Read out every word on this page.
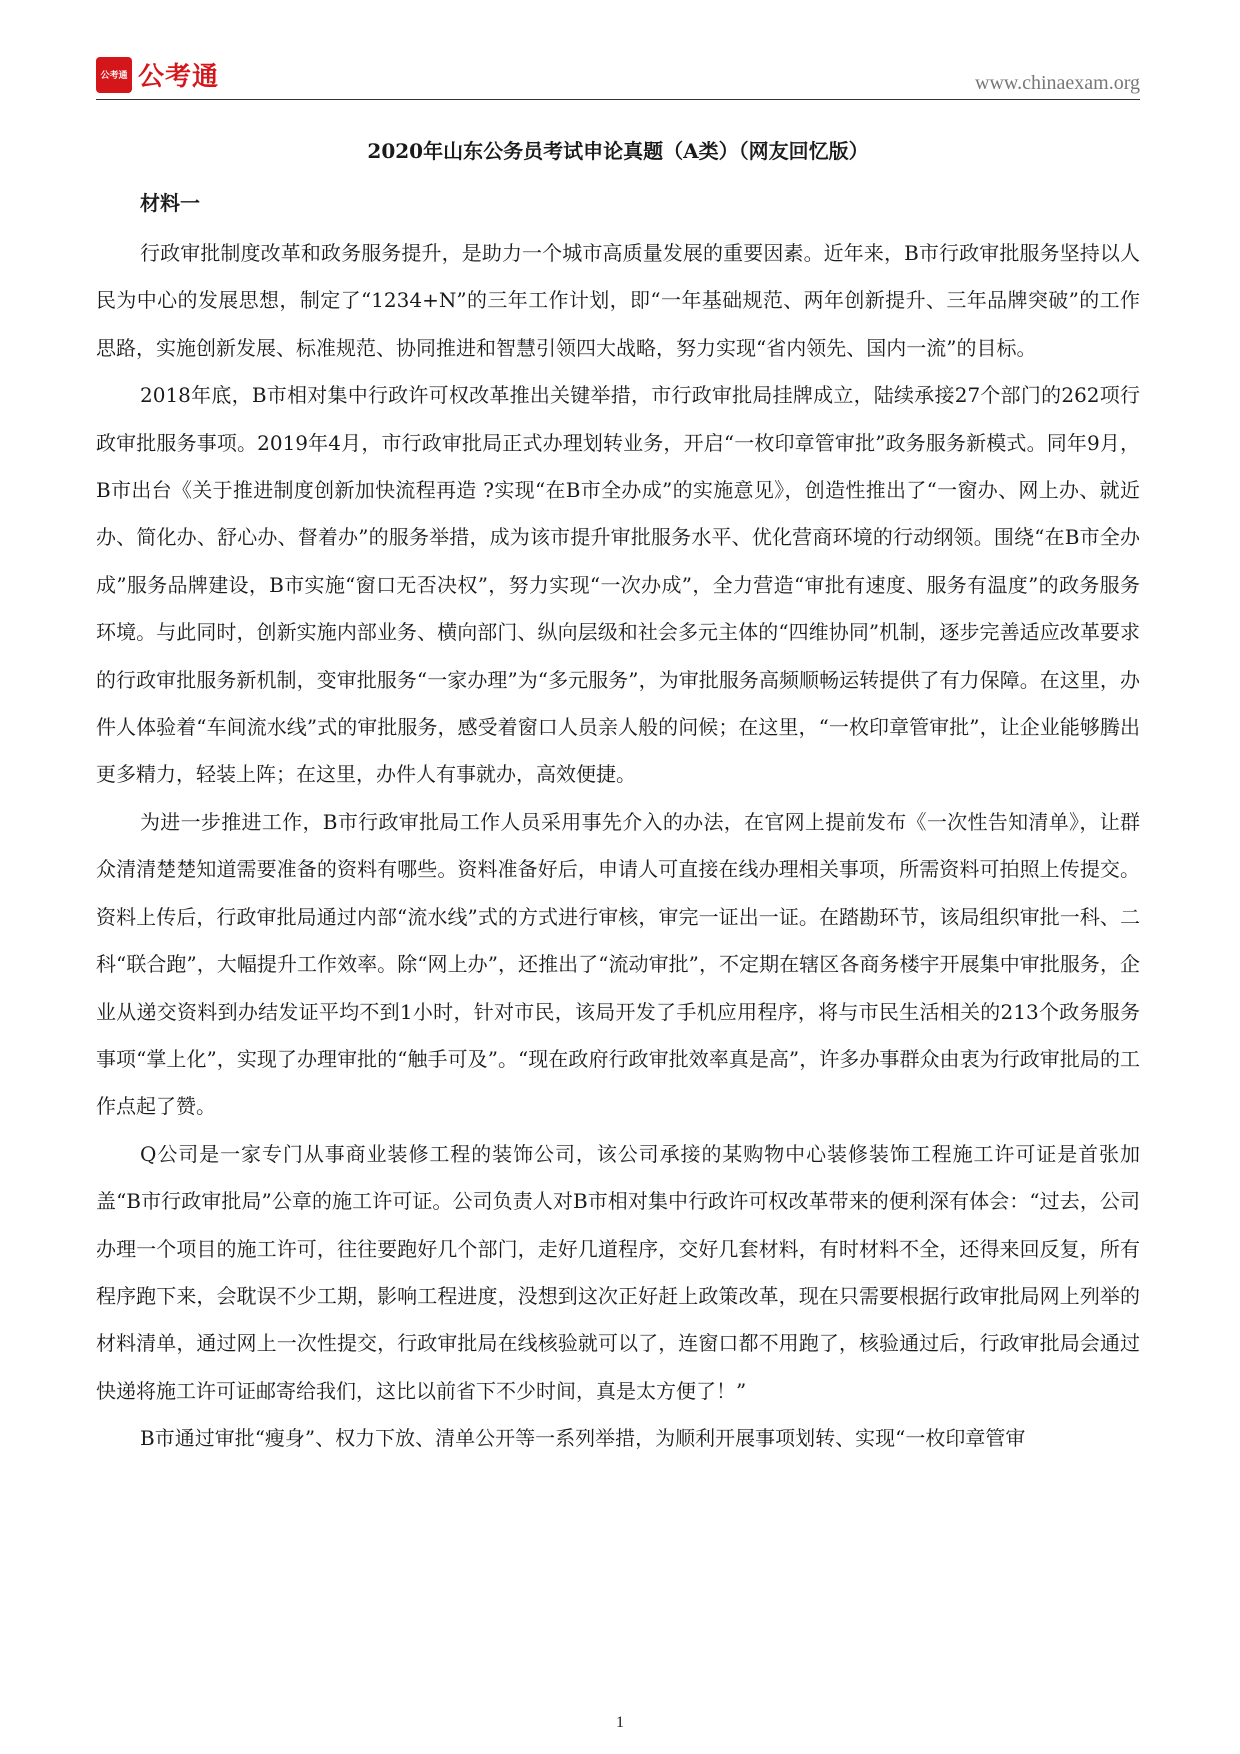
公考通 公考通	www.chinaexam.org
2020年山东公务员考试申论真题（A类）（网友回忆版）
材料一

行政审批制度改革和政务服务提升，是助力一个城市高质量发展的重要因素。近年来，B市行政审批服务坚持以人民为中心的发展思想，制定了“1234+N”的三年工作计划，即“一年基础规范、两年创新提升、三年品牌突破”的工作思路，实施创新发展、标准规范、协同推进和智慧引领四大战略，努力实现“省内领先、国内一流”的目标。

2018年底，B市相对集中行政许可权改革推出关键举措，市行政审批局挂牌成立，陆续承接27个部门的262项行政审批服务事项。2019年4月，市行政审批局正式办理划转业务，开启“一枚印章管审批”政务服务新模式。同年9月，B市出台《关于推进制度创新加快流程再造 ?实现“在B市全办成”的实施意见》，创造性推出了“一窗办、网上办、就近办、简化办、舒心办、督着办”的服务举措，成为该市提升审批服务水平、优化营商环境的行动纲领。围绕“在B市全办成”服务品牌建设，B市实施“窗口无否决权”，努力实现“一次办成”，全力营造“审批有速度、服务有温度”的政务服务环境。与此同时，创新实施内部业务、横向部门、纵向层级和社会多元主体的“四维协同”机制，逐步完善适应改革要求的行政审批服务新机制，变审批服务“一家办理”为“多元服务”，为审批服务高频顺畅运转提供了有力保障。在这里，办件人体验着“车间流水线”式的审批服务，感受着窗口人员亲人般的问候；在这里，“一枚印章管审批”，让企业能够腾出更多精力，轻装上阵；在这里，办件人有事就办，高效便捷。

为进一步推进工作，B市行政审批局工作人员采用事先介入的办法，在官网上提前发布《一次性告知清单》，让群众清清楚楚知道需要准备的资料有哪些。资料准备好后，申请人可直接在线办理相关事项，所需资料可拍照上传提交。资料上传后，行政审批局通过内部“流水线”式的方式进行审核，审完一证出一证。在踏勘环节，该局组织审批一科、二科“联合跑”，大幅提升工作效率。除“网上办”，还推出了“流动审批”，不定期在辖区各商务楼宇开展集中审批服务，企业从递交资料到办结发证平均不到1小时，针对市民，该局开发了手机应用程序，将与市民生活相关的213个政务服务事项“掌上化”，实现了办理审批的“触手可及”。“现在政府行政审批效率真是高”，许多办事群众由衷为行政审批局的工作点起了赞。

Q公司是一家专门从事商业装修工程的装饰公司，该公司承接的某购物中心装修装饰工程施工许可证是首张加盖“B市行政审批局”公章的施工许可证。公司负责人对B市相对集中行政许可权改革带来的便利深有体会：“过去，公司办理一个项目的施工许可，往往要跑好几个部门，走好几道程序，交好几套材料，有时材料不全，还得来回反复，所有程序跑下来，会耽误不少工期，影响工程进度，没想到这次正好赶上政策改革，现在只需要根据行政审批局网上列举的材料清单，通过网上一次性提交，行政审批局在线核验就可以了，连窗口都不用跑了，核验通过后，行政审批局会通过快递将施工许可证邮寄给我们，这比以前省下不少时间，真是太方便了！”

B市通过审批“瘦身”、权力下放、清单公开等一系列举措，为顺利开展事项划转、实现“一枚印章管审

1
